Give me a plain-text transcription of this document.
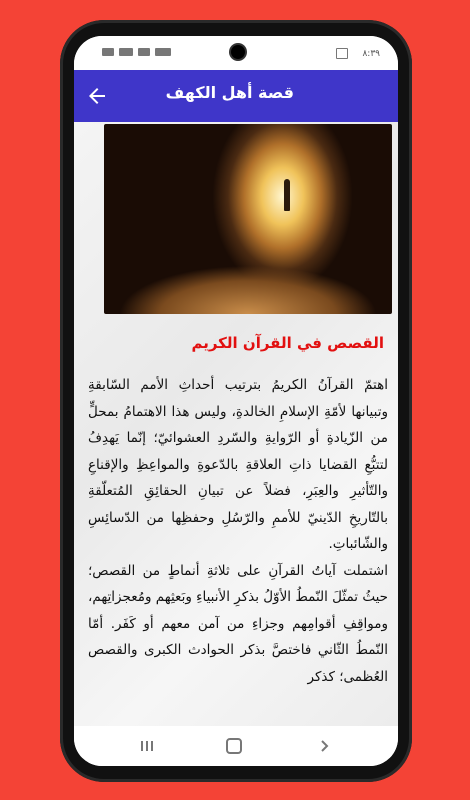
٨:٣٩
قصة أهل الكهف
القصص في القرآن الكريم

اهتمّ القرآنُ الكريمُ بترتيب أحداثِ الأمم السّابقةِ وتبيانها لأمّةِ الإسلامِ الخالدةِ، وليس هذا الاهتمامُ بمحلٍّ من الزّيادةِ أو الرّوايةِ والسّردِ العشوائيّ؛ إنّما يَهدِفُ لتتبُّعِ القضايا ذاتِ العلاقةِ بالدّعوةِ والمواعِظِ والإقناعِ والتّأثيرِ والعِبَرِ، فضلاً عن تبيانِ الحقائِقِ المُتعلّقةِ بالتّاريخِ الدّينيّ للأممِ والرّسُلِ وحفظِها من الدّسائِسِ والشّائباتِ.

اشتملت آياتُ القرآنِ على ثلاثةِ أنماطٍ من القصص؛ حيثُ تمثّلَ النّمطُ الأوّلُ بذكرِ الأنبياءِ وبَعثِهم ومُعجزاتِهم، ومواقِفِ أقوامِهم وجزاءِ من آمن معهم أو كَفَر. أمّا النّمطُ الثّاني فاختصَّ بذكر الحوادث الكبرى والقصص العُظمى؛ كذكر
